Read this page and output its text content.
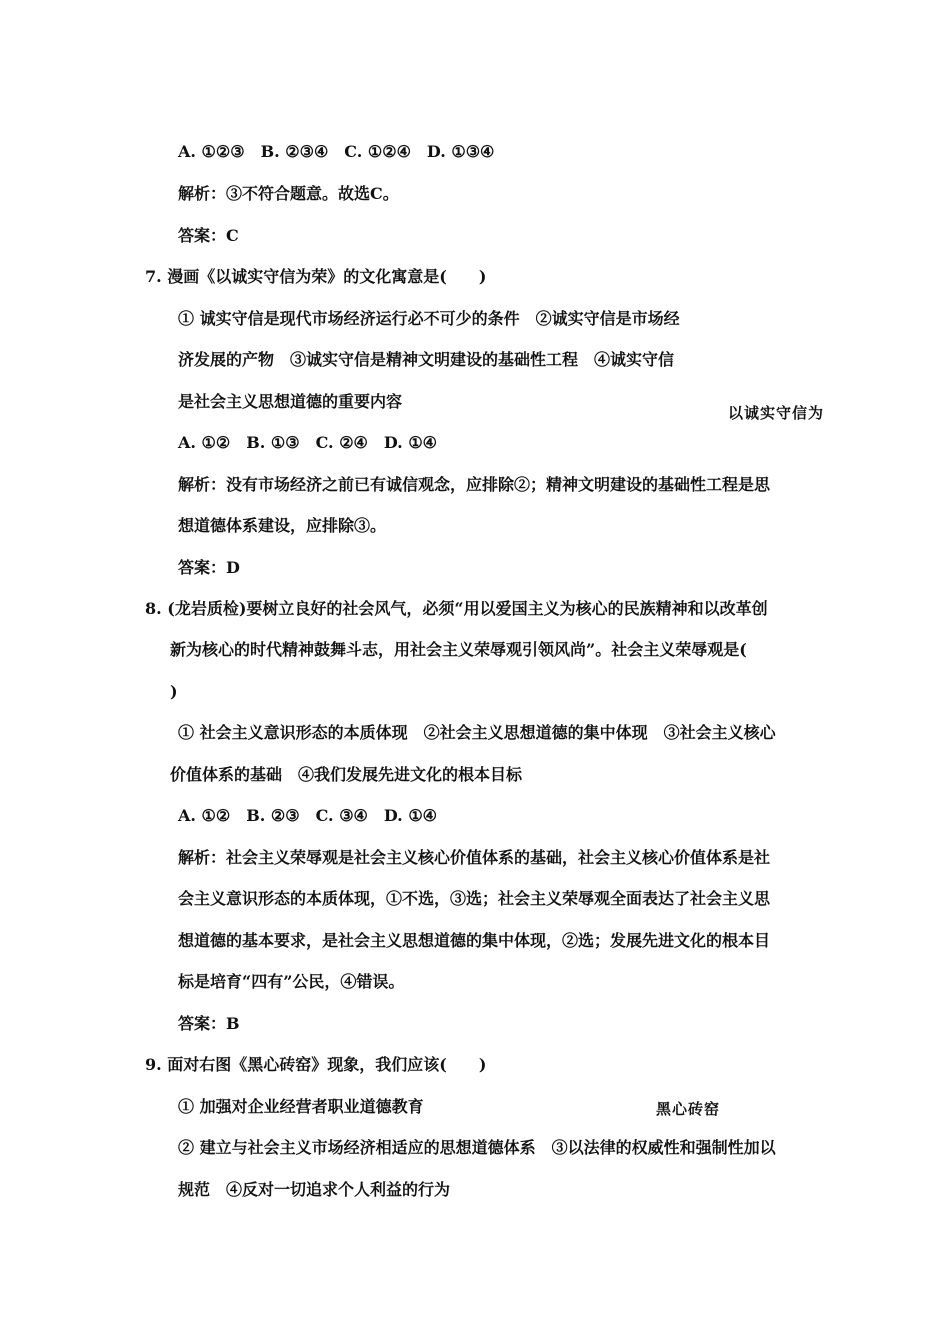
A. ①②③　B. ②③④　C. ①②④　D. ①③④
解析：③不符合题意。故选C。
答案：C
7. 漫画《以诚实守信为荣》的文化寓意是(　　)
① 诚实守信是现代市场经济运行必不可少的条件　②诚实守信是市场经
济发展的产物　③诚实守信是精神文明建设的基础性工程　④诚实守信
是社会主义思想道德的重要内容
以诚实守信为
A. ①②　B. ①③　C. ②④　D. ①④
解析：没有市场经济之前已有诚信观念，应排除②；精神文明建设的基础性工程是思
想道德体系建设，应排除③。
答案：D
8. (龙岩质检)要树立良好的社会风气，必须“用以爱国主义为核心的民族精神和以改革创
新为核心的时代精神鼓舞斗志，用社会主义荣辱观引领风尚”。社会主义荣辱观是(
)
① 社会主义意识形态的本质体现　②社会主义思想道德的集中体现　③社会主义核心
价值体系的基础　④我们发展先进文化的根本目标
A. ①②　B. ②③　C. ③④　D. ①④
解析：社会主义荣辱观是社会主义核心价值体系的基础，社会主义核心价值体系是社
会主义意识形态的本质体现，①不选，③选；社会主义荣辱观全面表达了社会主义思
想道德的基本要求，是社会主义思想道德的集中体现，②选；发展先进文化的根本目
标是培育“四有”公民，④错误。
答案：B
9. 面对右图《黑心砖窑》现象，我们应该(　　)
① 加强对企业经营者职业道德教育	黑心砖窑
② 建立与社会主义市场经济相适应的思想道德体系　③以法律的权威性和强制性加以
规范　④反对一切追求个人利益的行为
